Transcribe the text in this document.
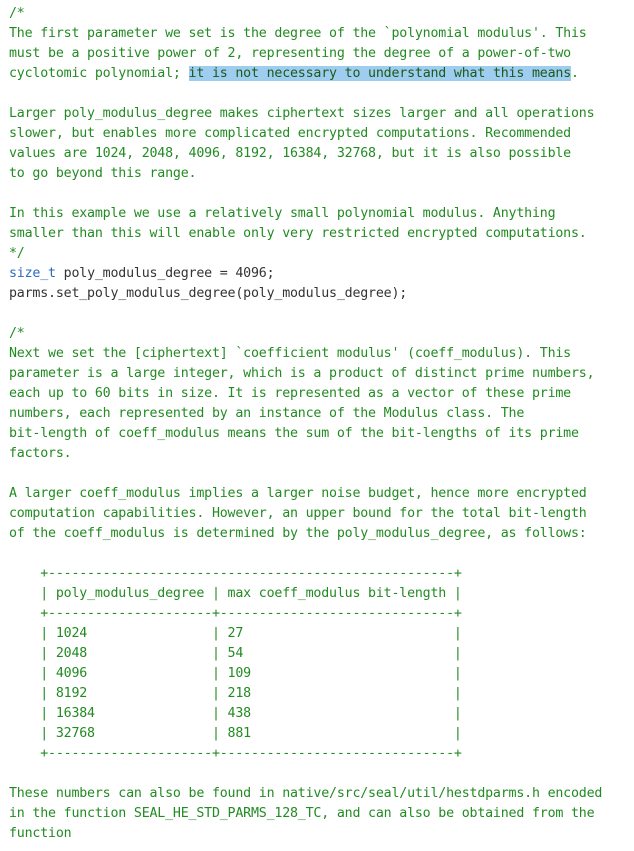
/*
The first parameter we set is the degree of the `polynomial modulus'. This
must be a positive power of 2, representing the degree of a power-of-two
cyclotomic polynomial; it is not necessary to understand what this means.
Larger poly_modulus_degree makes ciphertext sizes larger and all operations
slower, but enables more complicated encrypted computations. Recommended
values are 1024, 2048, 4096, 8192, 16384, 32768, but it is also possible
to go beyond this range.
In this example we use a relatively small polynomial modulus. Anything
smaller than this will enable only very restricted encrypted computations.
*/
size_t poly_modulus_degree = 4096;
parms.set_poly_modulus_degree(poly_modulus_degree);
/*
Next we set the [ciphertext] `coefficient modulus' (coeff_modulus). This
parameter is a large integer, which is a product of distinct prime numbers,
each up to 60 bits in size. It is represented as a vector of these prime
numbers, each represented by an instance of the Modulus class. The
bit-length of coeff_modulus means the sum of the bit-lengths of its prime
factors.
A larger coeff_modulus implies a larger noise budget, hence more encrypted
computation capabilities. However, an upper bound for the total bit-length
of the coeff_modulus is determined by the poly_modulus_degree, as follows:
+----------------------------------------------------+
| poly_modulus_degree | max coeff_modulus bit-length |
+---------------------+------------------------------+
| 1024                | 27                           |
| 2048                | 54                           |
| 4096                | 109                          |
| 8192                | 218                          |
| 16384               | 438                          |
| 32768               | 881                          |
+---------------------+------------------------------+
These numbers can also be found in native/src/seal/util/hestdparms.h encoded
in the function SEAL_HE_STD_PARMS_128_TC, and can also be obtained from the
function
